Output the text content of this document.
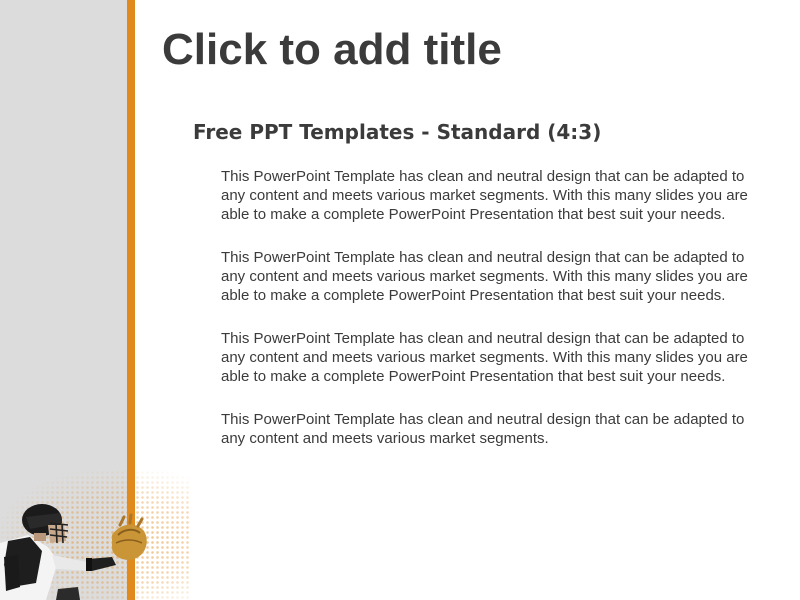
Click to add title
Free PPT Templates - Standard (4:3)

This PowerPoint Template has clean and neutral design that can be adapted to any content and meets various market segments. With this many slides you are able to make a complete PowerPoint Presentation that best suit your needs.

This PowerPoint Template has clean and neutral design that can be adapted to any content and meets various market segments. With this many slides you are able to make a complete PowerPoint Presentation that best suit your needs.

This PowerPoint Template has clean and neutral design that can be adapted to any content and meets various market segments. With this many slides you are able to make a complete PowerPoint Presentation that best suit your needs.

This PowerPoint Template has clean and neutral design that can be adapted to any content and meets various market segments.
